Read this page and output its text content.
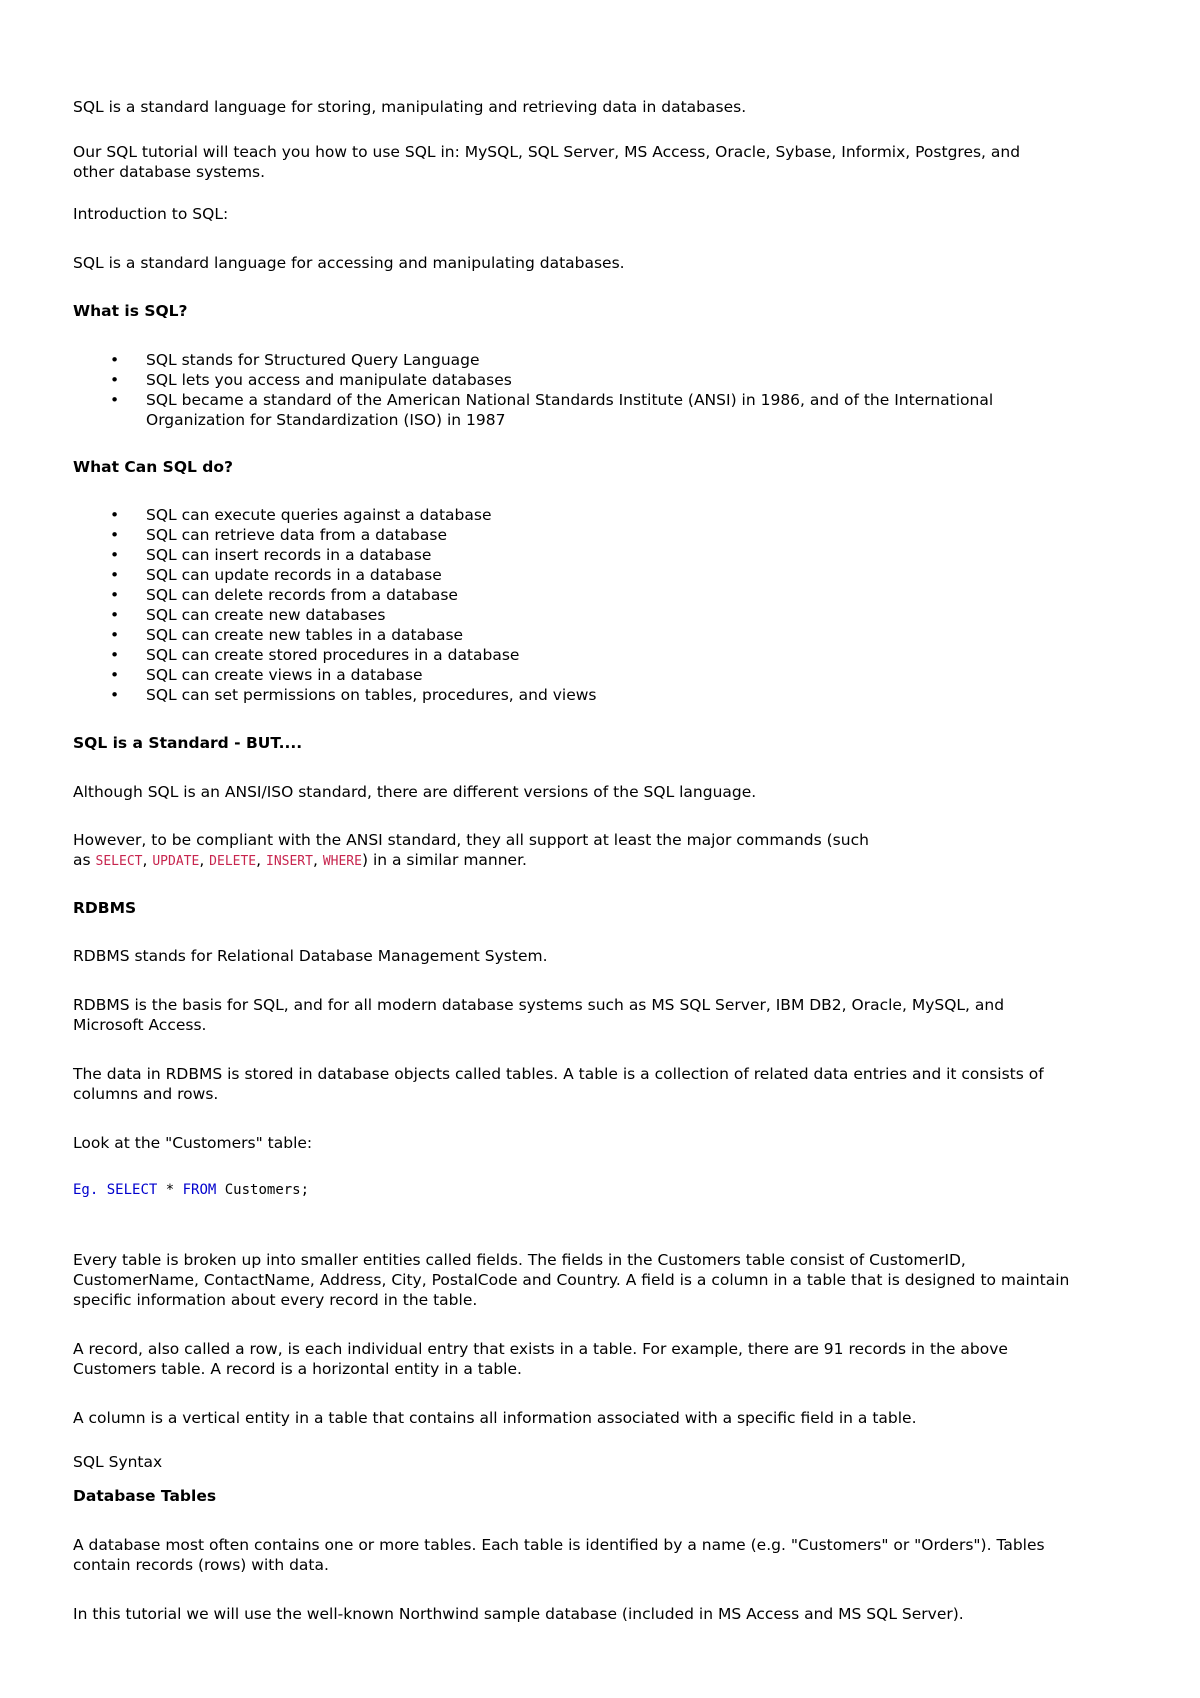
SQL is a standard language for storing, manipulating and retrieving data in databases.
Our SQL tutorial will teach you how to use SQL in: MySQL, SQL Server, MS Access, Oracle, Sybase, Informix, Postgres, and
other database systems.
Introduction to SQL:
SQL is a standard language for accessing and manipulating databases.
What is SQL?
• SQL stands for Structured Query Language
• SQL lets you access and manipulate databases
• SQL became a standard of the American National Standards Institute (ANSI) in 1986, and of the International
Organization for Standardization (ISO) in 1987
What Can SQL do?
• SQL can execute queries against a database
• SQL can retrieve data from a database
• SQL can insert records in a database
• SQL can update records in a database
• SQL can delete records from a database
• SQL can create new databases
• SQL can create new tables in a database
• SQL can create stored procedures in a database
• SQL can create views in a database
• SQL can set permissions on tables, procedures, and views
SQL is a Standard - BUT....
Although SQL is an ANSI/ISO standard, there are different versions of the SQL language.
However, to be compliant with the ANSI standard, they all support at least the major commands (such
as SELECT, UPDATE, DELETE, INSERT, WHERE) in a similar manner.
RDBMS
RDBMS stands for Relational Database Management System.
RDBMS is the basis for SQL, and for all modern database systems such as MS SQL Server, IBM DB2, Oracle, MySQL, and
Microsoft Access.
The data in RDBMS is stored in database objects called tables. A table is a collection of related data entries and it consists of
columns and rows.
Look at the "Customers" table:
Eg. SELECT * FROM Customers;
Every table is broken up into smaller entities called fields. The fields in the Customers table consist of CustomerID,
CustomerName, ContactName, Address, City, PostalCode and Country. A field is a column in a table that is designed to maintain
specific information about every record in the table.
A record, also called a row, is each individual entry that exists in a table. For example, there are 91 records in the above
Customers table. A record is a horizontal entity in a table.
A column is a vertical entity in a table that contains all information associated with a specific field in a table.
SQL Syntax
Database Tables
A database most often contains one or more tables. Each table is identified by a name (e.g. "Customers" or "Orders"). Tables
contain records (rows) with data.
In this tutorial we will use the well-known Northwind sample database (included in MS Access and MS SQL Server).
